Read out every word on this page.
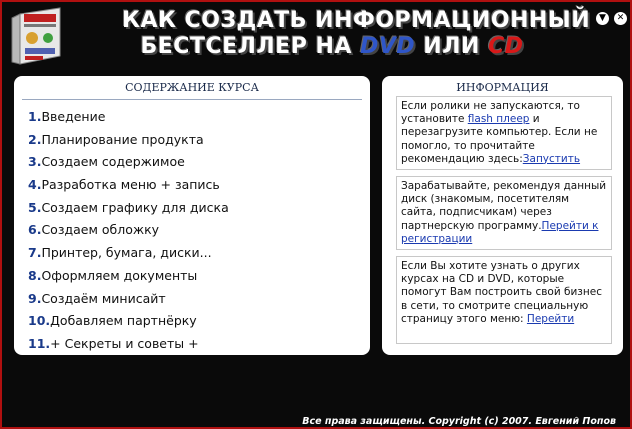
КАК СОЗДАТЬ ИНФОРМАЦИОННЫЙ
БЕСТСЕЛЛЕР НА DVD ИЛИ CD
▼	✕
СОДЕРЖАНИЕ КУРСА
1.Введение
2.Планирование продукта
3.Создаем содержимое
4.Разработка меню + запись
5.Создаем графику для диска
6.Создаем обложку
7.Принтер, бумага, диски...
8.Оформляем документы
9.Создаём минисайт
10.Добавляем партнёрку
11.+ Секреты и советы +
ИНФОРМАЦИЯ
Если ролики не запускаются, то установите flash плеер и перезагрузите компьютер. Если не помогло, то прочитайте рекомендацию здесь:Запустить
Зарабатывайте, рекомендуя данный диск (знакомым, посетителям сайта, подписчикам) через партнерскую программу.Перейти к регистрации
Если Вы хотите узнать о других курсах на CD и DVD, которые помогут Вам построить свой бизнес в сети, то смотрите специальную страницу этого меню: Перейти
Все права защищены. Copyright (c) 2007. Евгений Попов
